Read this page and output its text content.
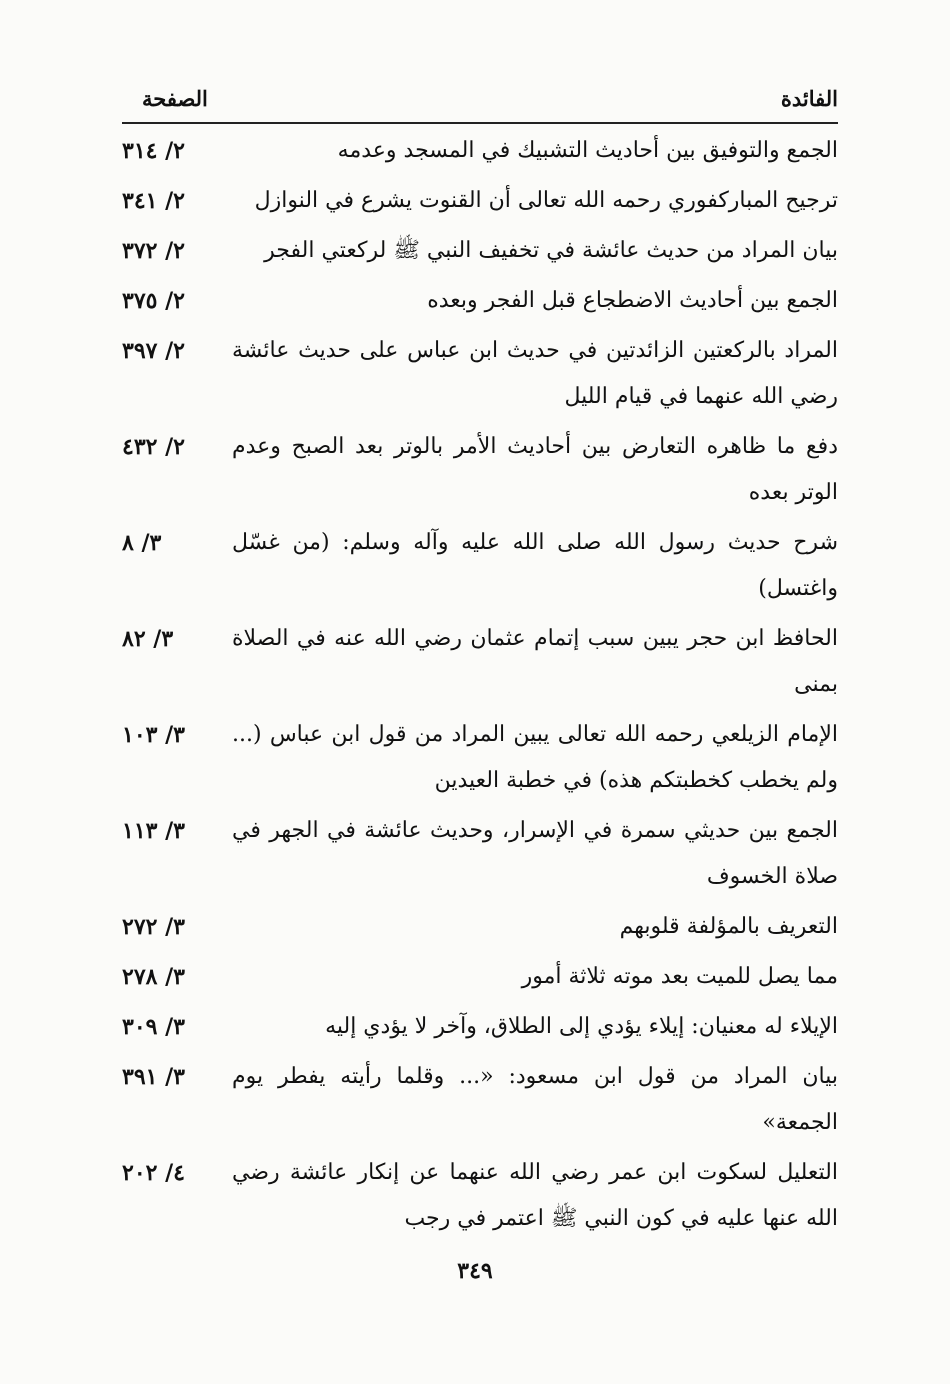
الفائدة
الصفحة
الجمع والتوفيق بين أحاديث التشبيك في المسجد وعدمه
٢/ ٣١٤
ترجيح المباركفوري رحمه الله تعالى أن القنوت يشرع في النوازل
٢/ ٣٤١
بيان المراد من حديث عائشة في تخفيف النبي ﷺ لركعتي الفجر
٢/ ٣٧٢
الجمع بين أحاديث الاضطجاع قبل الفجر وبعده
٢/ ٣٧٥
المراد بالركعتين الزائدتين في حديث ابن عباس على حديث عائشة رضي الله عنهما في قيام الليل
٢/ ٣٩٧
دفع ما ظاهره التعارض بين أحاديث الأمر بالوتر بعد الصبح وعدم الوتر بعده
٢/ ٤٣٢
شرح حديث رسول الله صلى الله عليه وآله وسلم: (من غسّل واغتسل)
٣/ ٨
الحافظ ابن حجر يبين سبب إتمام عثمان رضي الله عنه في الصلاة بمنى
٣/ ٨٢
الإمام الزيلعي رحمه الله تعالى يبين المراد من قول ابن عباس (... ولم يخطب كخطبتكم هذه) في خطبة العيدين
٣/ ١٠٣
الجمع بين حديثي سمرة في الإسرار، وحديث عائشة في الجهر في صلاة الخسوف
٣/ ١١٣
التعريف بالمؤلفة قلوبهم
٣/ ٢٧٢
مما يصل للميت بعد موته ثلاثة أمور
٣/ ٢٧٨
الإيلاء له معنيان: إيلاء يؤدي إلى الطلاق، وآخر لا يؤدي إليه
٣/ ٣٠٩
بيان المراد من قول ابن مسعود: «... وقلما رأيته يفطر يوم الجمعة»
٣/ ٣٩١
التعليل لسكوت ابن عمر رضي الله عنهما عن إنكار عائشة رضي الله عنها عليه في كون النبي ﷺ اعتمر في رجب
٤/ ٢٠٢
٣٤٩
